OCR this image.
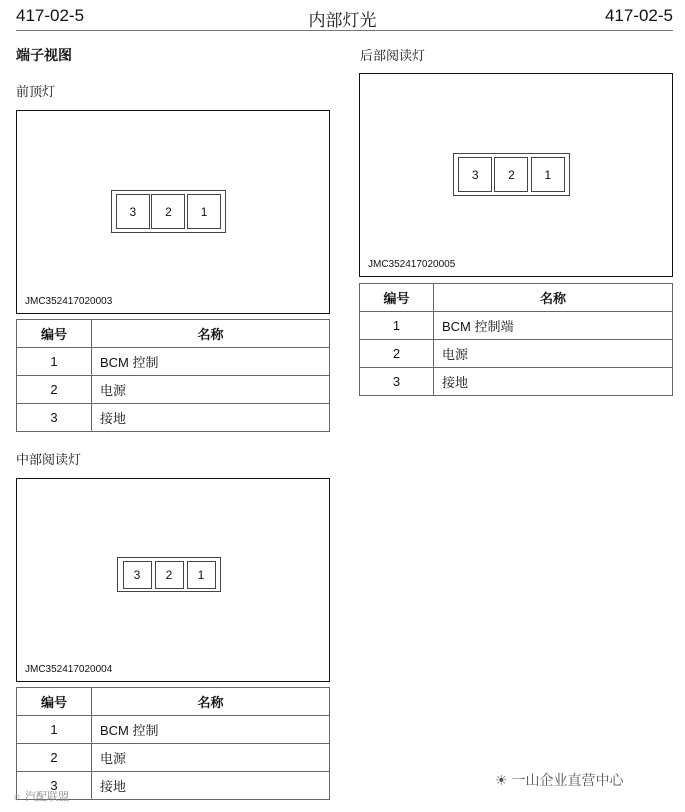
417-02-5	内部灯光	417-02-5
端子视图
前顶灯
3	2	1
JMC352417020003
编号	名称
1	BCM 控制
2	电源
3	接地
后部阅读灯
3	2	1
JMC352417020005
编号	名称
1	BCM 控制端
2	电源
3	接地
中部阅读灯
3	2	1
JMC352417020004
编号	名称
1	BCM 控制
2	电源
3	接地
☼ 汽配联盟
☀ 一山企业直营中心
